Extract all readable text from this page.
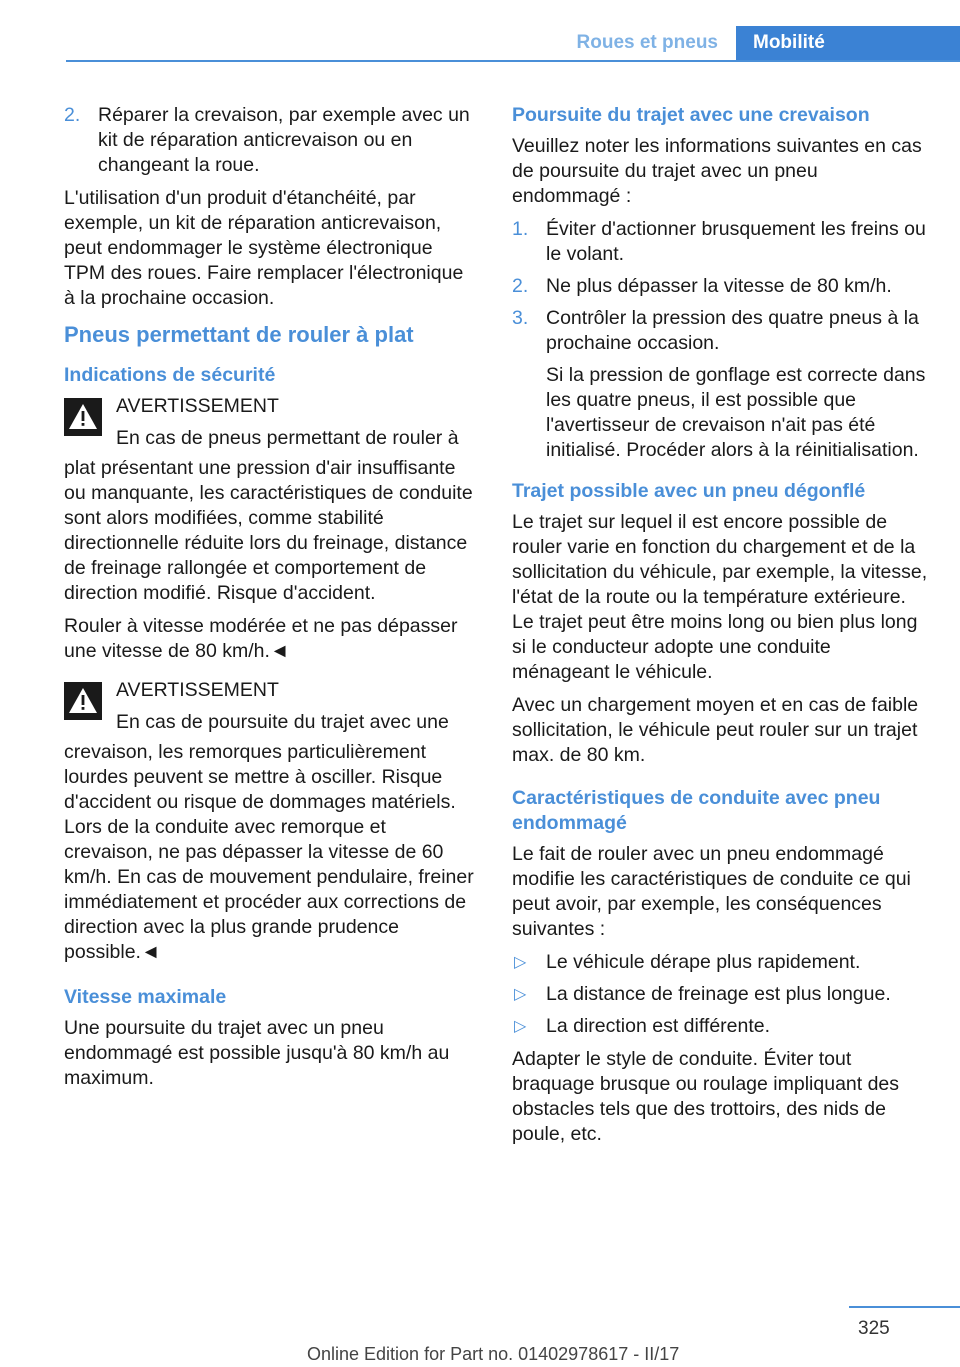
Roues et pneus	Mobilité
2. Réparer la crevaison, par exemple avec un kit de réparation anticrevaison ou en changeant la roue.

L'utilisation d'un produit d'étanchéité, par exemple, un kit de réparation anticrevaison, peut endommager le système électronique TPM des roues. Faire remplacer l'électronique à la prochaine occasion.

Pneus permettant de rouler à plat
Indications de sécurité
AVERTISSEMENT
En cas de pneus permettant de rouler à

plat présentant une pression d'air insuffisante ou manquante, les caractéristiques de conduite sont alors modifiées, comme stabilité directionnelle réduite lors du freinage, distance de freinage rallongée et comportement de direction modifié. Risque d'accident.

Rouler à vitesse modérée et ne pas dépasser une vitesse de 80 km/h.◄

AVERTISSEMENT
En cas de poursuite du trajet avec une

crevaison, les remorques particulièrement lourdes peuvent se mettre à osciller. Risque d'accident ou risque de dommages matériels. Lors de la conduite avec remorque et crevaison, ne pas dépasser la vitesse de 60 km/h. En cas de mouvement pendulaire, freiner immédiatement et procéder aux corrections de direction avec la plus grande prudence possible.◄

Vitesse maximale

Une poursuite du trajet avec un pneu endommagé est possible jusqu'à 80 km/h au maximum.

Poursuite du trajet avec une crevaison

Veuillez noter les informations suivantes en cas de poursuite du trajet avec un pneu endommagé :

1. Éviter d'actionner brusquement les freins ou le volant.
2. Ne plus dépasser la vitesse de 80 km/h.
3. Contrôler la pression des quatre pneus à la prochaine occasion.

Si la pression de gonflage est correcte dans les quatre pneus, il est possible que l'avertisseur de crevaison n'ait pas été initialisé. Procéder alors à la réinitialisation.

Trajet possible avec un pneu dégonflé

Le trajet sur lequel il est encore possible de rouler varie en fonction du chargement et de la sollicitation du véhicule, par exemple, la vitesse, l'état de la route ou la température extérieure. Le trajet peut être moins long ou bien plus long si le conducteur adopte une conduite ménageant le véhicule.

Avec un chargement moyen et en cas de faible sollicitation, le véhicule peut rouler sur un trajet max. de 80 km.

Caractéristiques de conduite avec pneu endommagé

Le fait de rouler avec un pneu endommagé modifie les caractéristiques de conduite ce qui peut avoir, par exemple, les conséquences suivantes :

▷ Le véhicule dérape plus rapidement.
▷ La distance de freinage est plus longue.
▷ La direction est différente.

Adapter le style de conduite. Éviter tout braquage brusque ou roulage impliquant des obstacles tels que des trottoirs, des nids de poule, etc.

325
Online Edition for Part no. 01402978617 - II/17
